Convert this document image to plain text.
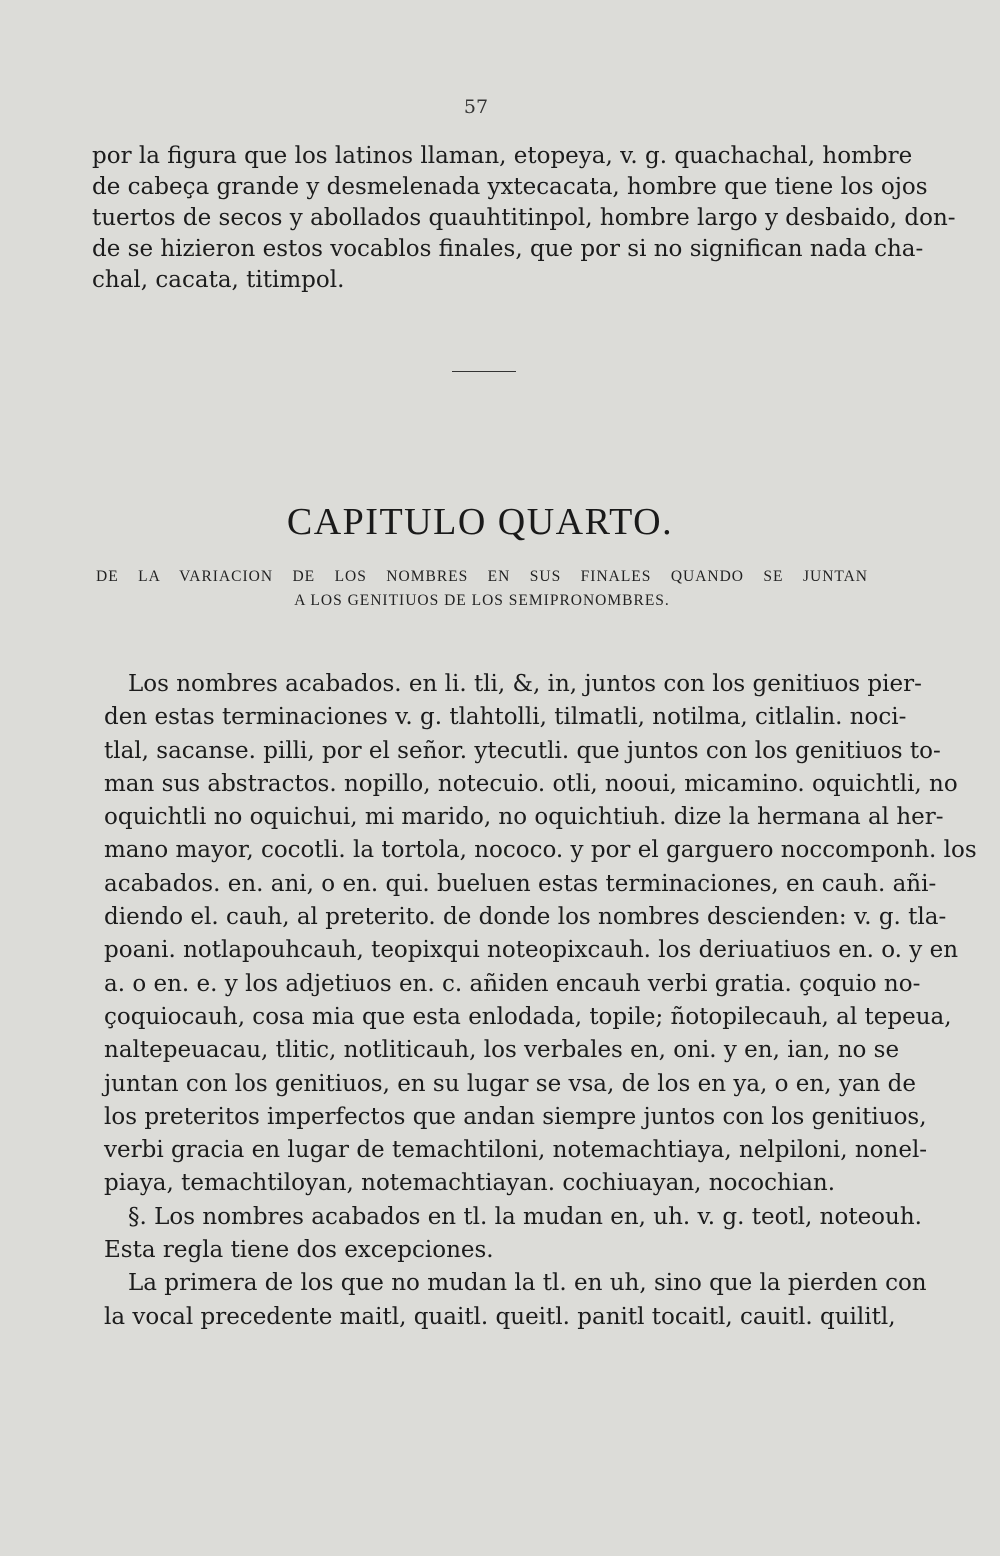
57
por la figura que los latinos llaman, etopeya, v. g. quachachal, hombre
de cabeça grande y desmelenada yxtecacata, hombre que tiene los ojos
tuertos de secos y abollados quauhtitinpol, hombre largo y desbaido, don-
de se hizieron estos vocablos finales, que por si no significan nada cha-
chal, cacata, titimpol.
CAPITULO QUARTO.
DE LA VARIACION DE LOS NOMBRES EN SUS FINALES QUANDO SE JUNTAN
A LOS GENITIUOS DE LOS SEMIPRONOMBRES.
Los nombres acabados. en li. tli, &, in, juntos con los genitiuos pier-
den estas terminaciones v. g. tlahtolli, tilmatli, notilma, citlalin. noci-
tlal, sacanse. pilli, por el señor. ytecutli. que juntos con los genitiuos to-
man sus abstractos. nopillo, notecuio. otli, nooui, micamino. oquichtli, no
oquichtli no oquichui, mi marido, no oquichtiuh. dize la hermana al her-
mano mayor, cocotli. la tortola, nococo. y por el garguero noccomponh. los
acabados. en. ani, o en. qui. bueluen estas terminaciones, en cauh. añi-
diendo el. cauh, al preterito. de donde los nombres descienden: v. g. tla-
poani. notlapouhcauh, teopixqui noteopixcauh. los deriuatiuos en. o. y en
a. o en. e. y los adjetiuos en. c. añiden encauh verbi gratia. çoquio no-
çoquiocauh, cosa mia que esta enlodada, topile; ñotopilecauh, al tepeua,
naltepeuacau, tlitic, notliticauh, los verbales en, oni. y en, ian, no se
juntan con los genitiuos, en su lugar se vsa, de los en ya, o en, yan de
los preteritos imperfectos que andan siempre juntos con los genitiuos,
verbi gracia en lugar de temachtiloni, notemachtiaya, nelpiloni, nonel-
piaya, temachtiloyan, notemachtiayan. cochiuayan, nocochian.
§. Los nombres acabados en tl. la mudan en, uh. v. g. teotl, noteouh.
Esta regla tiene dos excepciones.
La primera de los que no mudan la tl. en uh, sino que la pierden con
la vocal precedente maitl, quaitl. queitl. panitl tocaitl, cauitl. quilitl,
